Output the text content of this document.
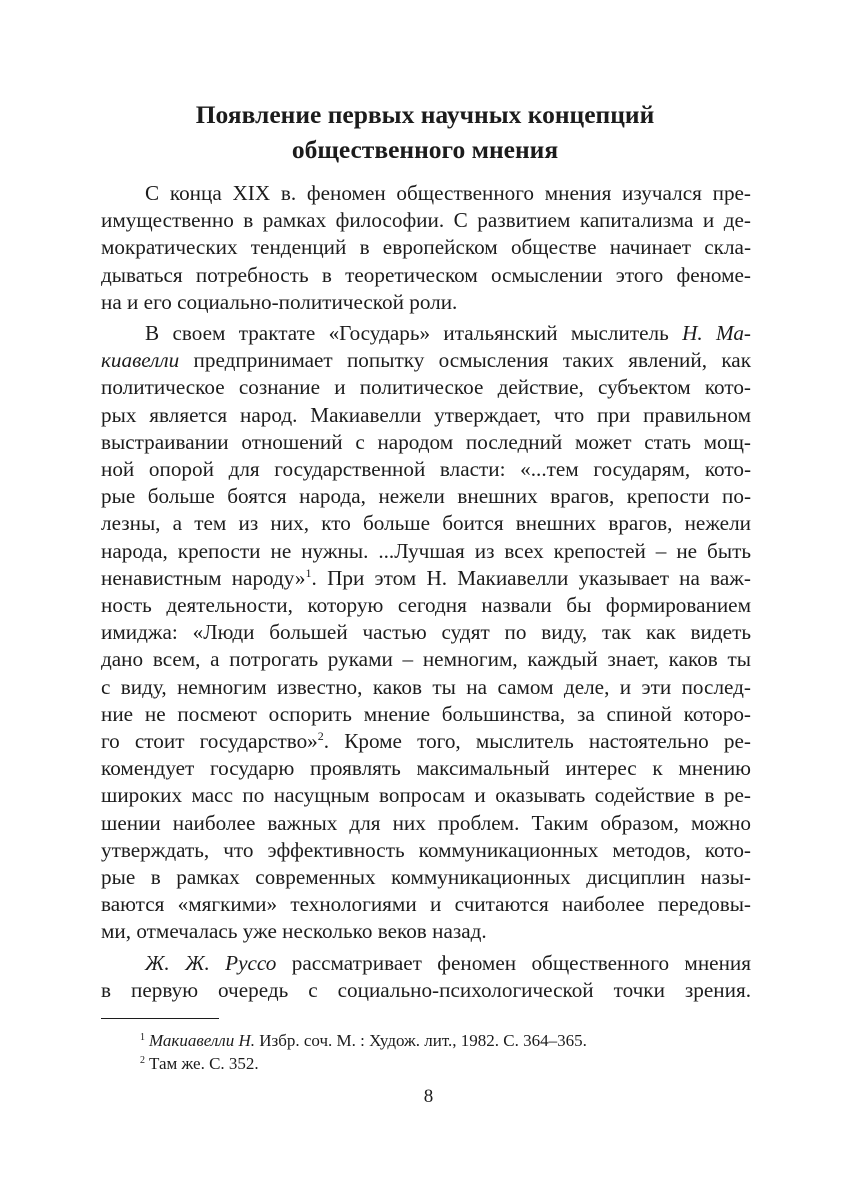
Появление первых научных концепций
общественного мнения
С конца XIX в. феномен общественного мнения изучался пре-
имущественно в рамках философии. С развитием капитализма и де-
мократических тенденций в европейском обществе начинает скла-
дываться потребность в теоретическом осмыслении этого феноме-
на и его социально-политической роли.
В своем трактате «Государь» итальянский мыслитель Н. Ма-
киавелли предпринимает попытку осмысления таких явлений, как
политическое сознание и политическое действие, субъектом кото-
рых является народ. Макиавелли утверждает, что при правильном
выстраивании отношений с народом последний может стать мощ-
ной опорой для государственной власти: «...тем государям, кото-
рые больше боятся народа, нежели внешних врагов, крепости по-
лезны, а тем из них, кто больше боится внешних врагов, нежели
народа, крепости не нужны. ...Лучшая из всех крепостей – не быть
ненавистным народу»$^1$. При этом Н. Макиавелли указывает на важ-
ность деятельности, которую сегодня назвали бы формированием
имиджа: «Люди большей частью судят по виду, так как видеть
дано всем, а потрогать руками – немногим, каждый знает, каков ты
с виду, немногим известно, каков ты на самом деле, и эти послед-
ние не посмеют оспорить мнение большинства, за спиной которо-
го стоит государство»$^2$. Кроме того, мыслитель настоятельно ре-
комендует государю проявлять максимальный интерес к мнению
широких масс по насущным вопросам и оказывать содействие в ре-
шении наиболее важных для них проблем. Таким образом, можно
утверждать, что эффективность коммуникационных методов, кото-
рые в рамках современных коммуникационных дисциплин назы-
ваются «мягкими» технологиями и считаются наиболее передовы-
ми, отмечалась уже несколько веков назад.
Ж. Ж. Руссо рассматривает феномен общественного мнения
в первую очередь с социально-психологической точки зрения.
$^1$ Макиавелли Н. Избр. соч. М. : Худож. лит., 1982. С. 364–365.
$^2$ Там же. С. 352.
8
